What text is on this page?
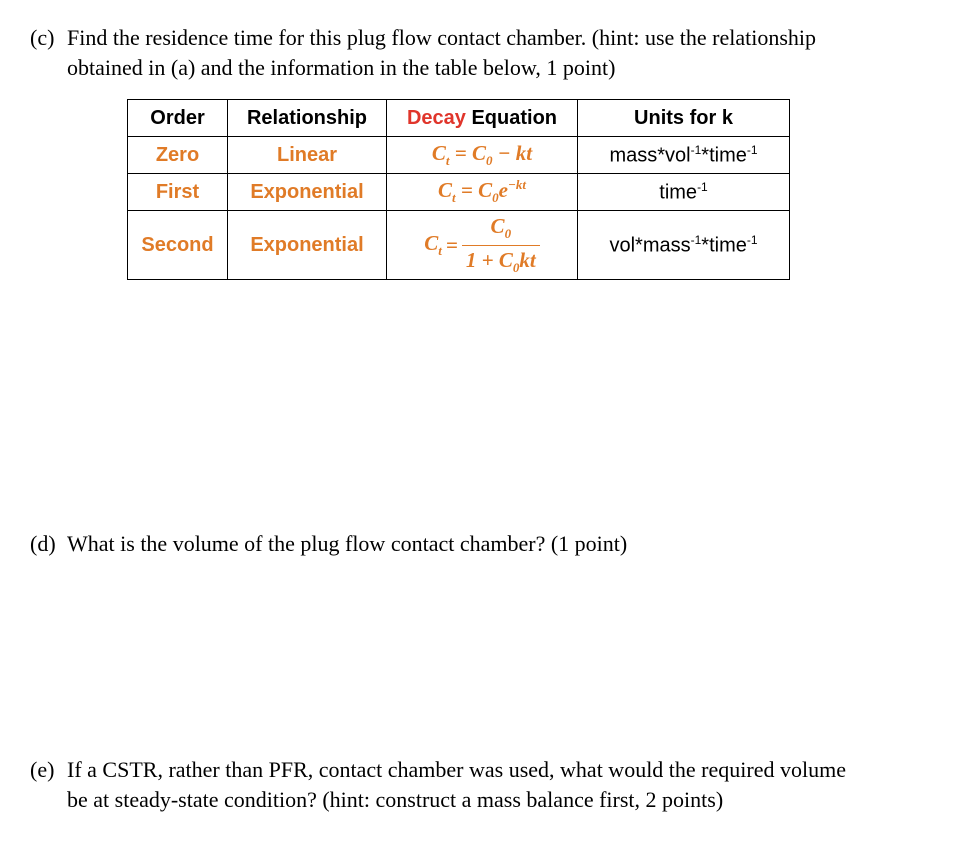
(c) Find the residence time for this plug flow contact chamber. (hint: use the relationship
obtained in (a) and the information in the table below, 1 point)
Order	Relationship	Decay Equation	Units for k
Zero	Linear	$C_t = C_0$ − kt	mass*vol$^{-1}$*time$^{-1}$
First	Exponential	$C_t = C_0e^{-kt}$	time$^{-1}$
Second	Exponential	$C_t = \frac{C_0}{1 + C_0kt}$	vol*mass$^{-1}$*time$^{-1}$
(d) What is the volume of the plug flow contact chamber? (1 point)
(e) If a CSTR, rather than PFR, contact chamber was used, what would the required volume
be at steady-state condition? (hint: construct a mass balance first, 2 points)
